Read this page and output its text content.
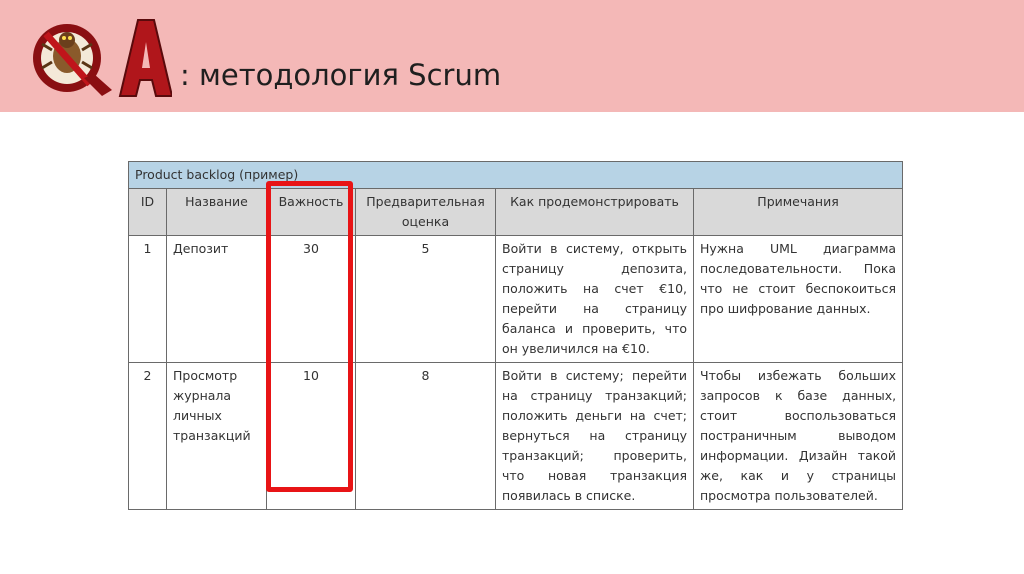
: методология Scrum
Product backlog (пример)					
ID	Название	Важность	Предварительная оценка	Как продемонстрировать	Примечания
1	Депозит	30	5	Войти в систему, открыть страницу депозита, положить на счет €10, перейти на страницу баланса и проверить, что он увеличился на €10.	Нужна UML диаграмма последовательности. Пока что не стоит беспокоиться про шифрование данных.
2	Просмотр журнала личных транзакций	10	8	Войти в систему; перейти на страницу транзакций; положить деньги на счет; вернуться на страницу транзакций; проверить, что новая транзакция появилась в списке.	Чтобы избежать больших запросов к базе данных, стоит воспользоваться постраничным выводом информации. Дизайн такой же, как и у страницы просмотра пользователей.
